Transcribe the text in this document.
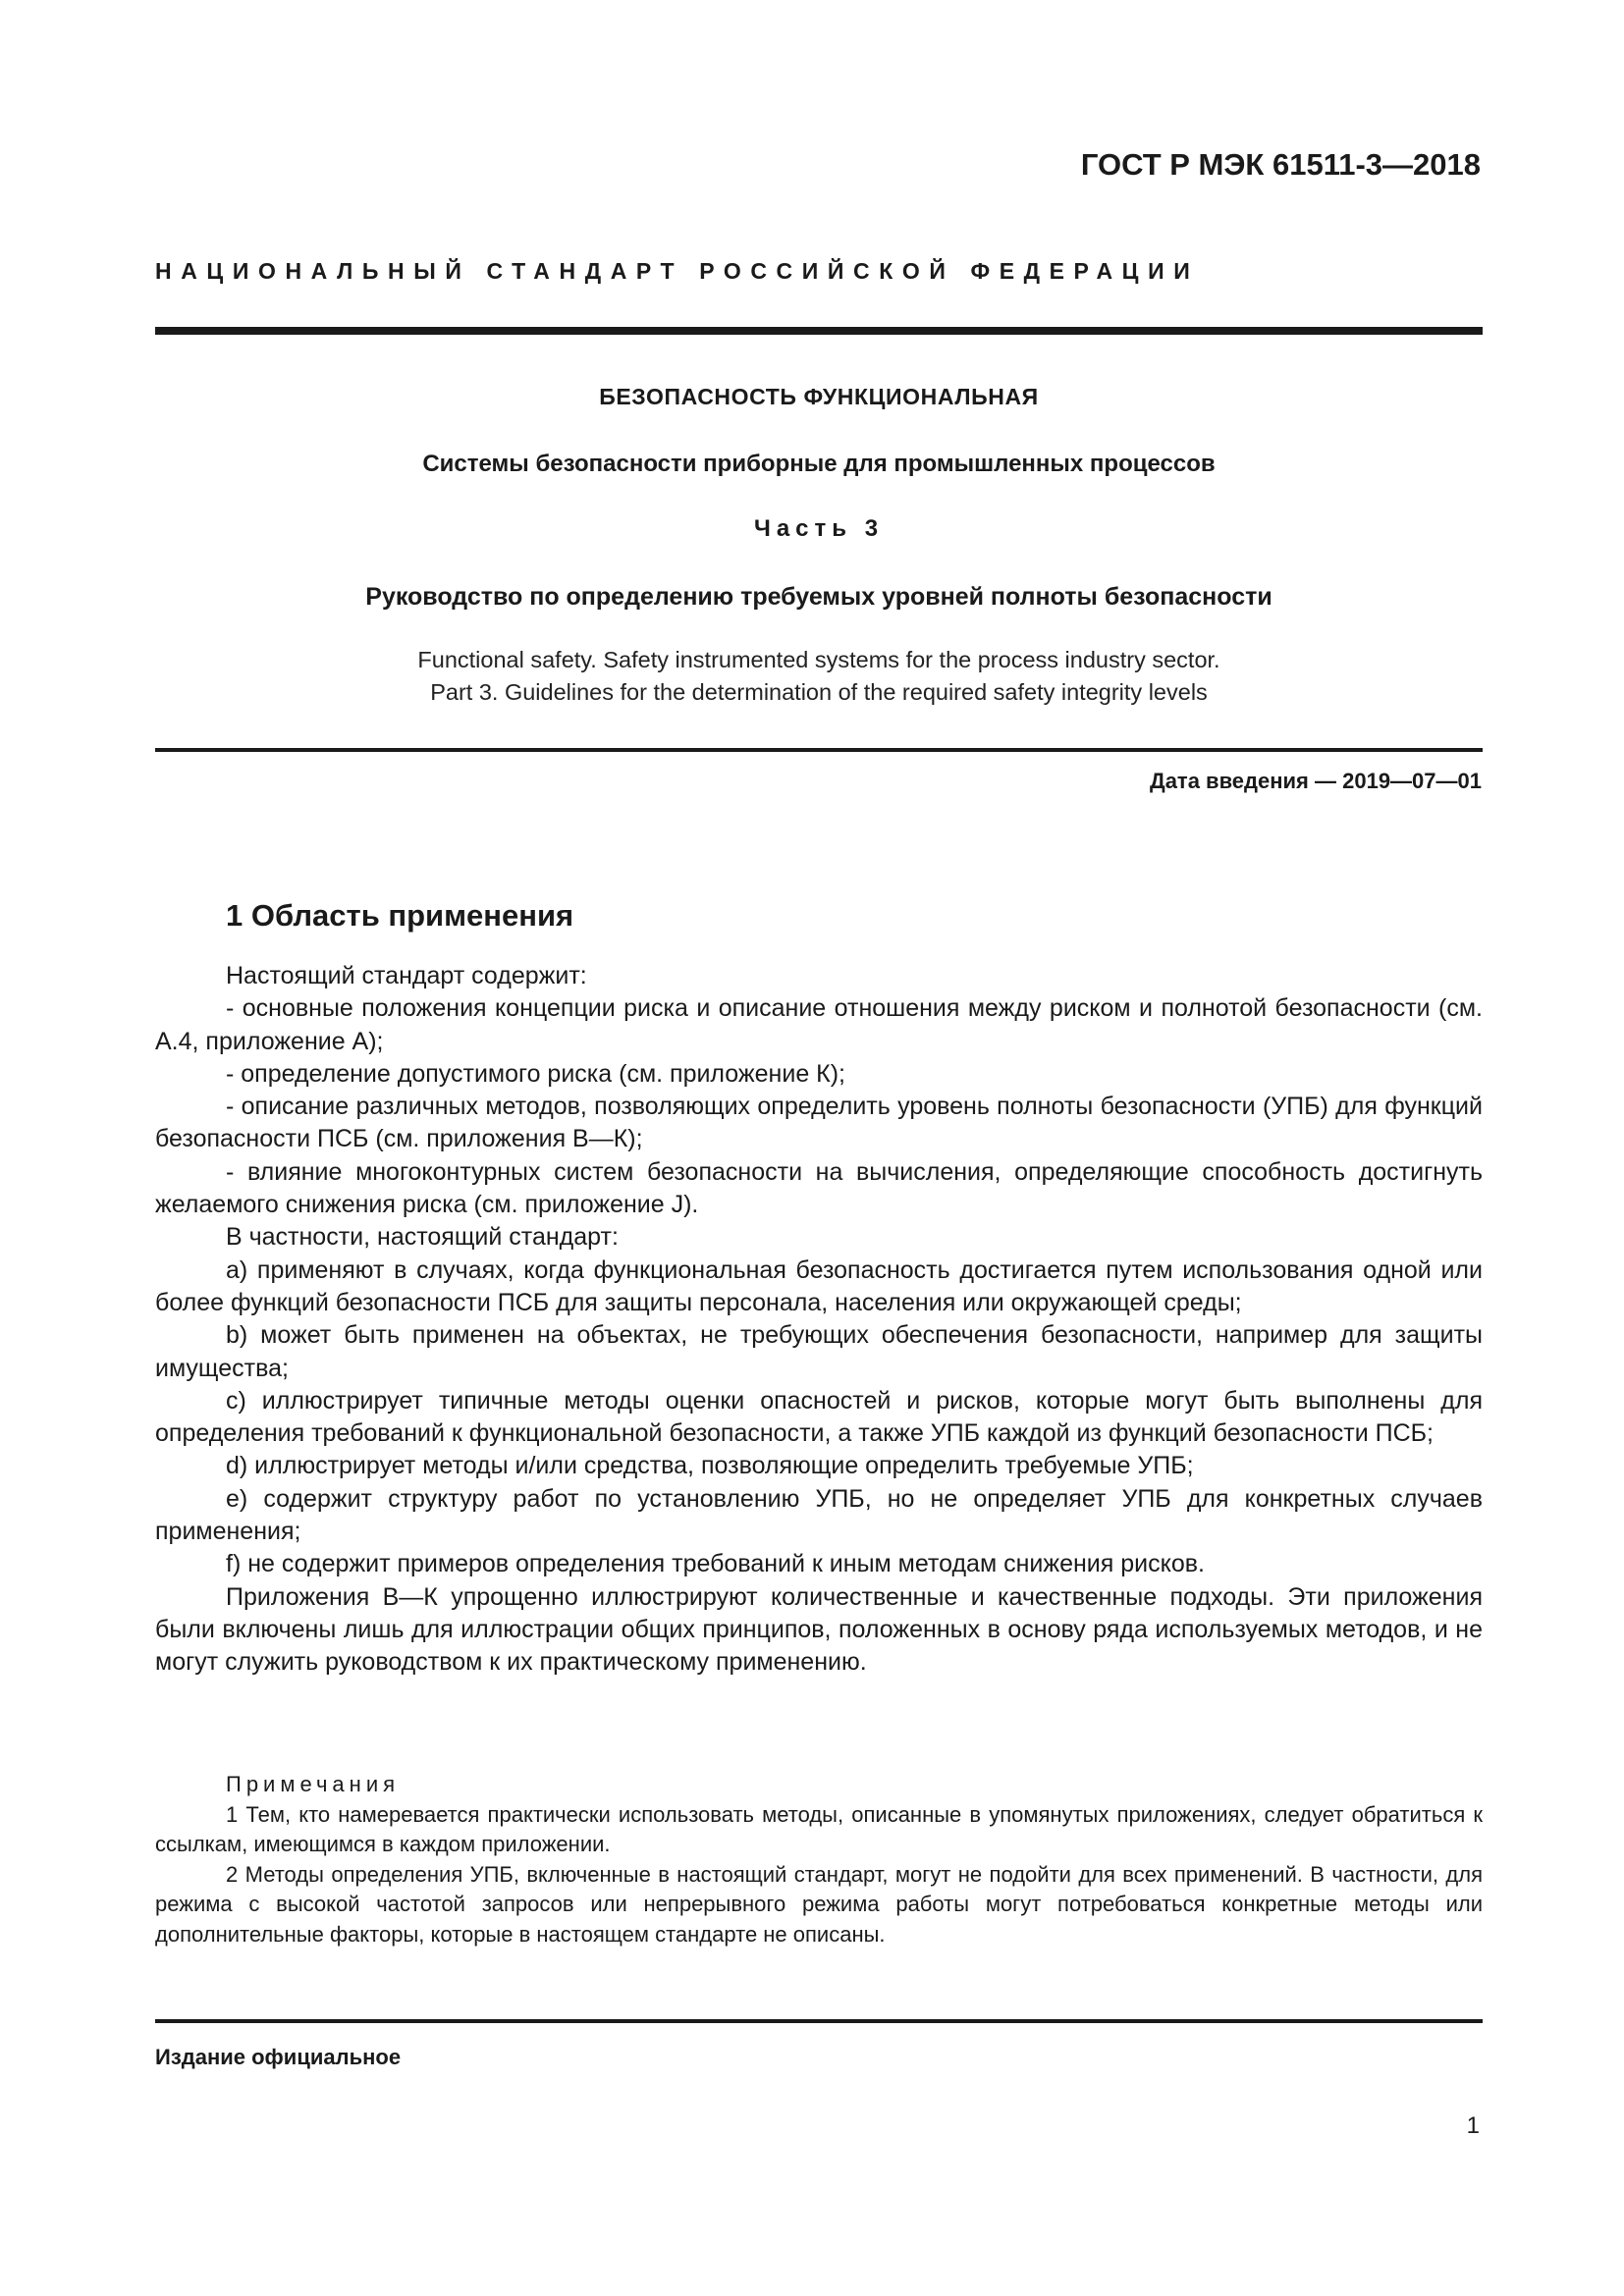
ГОСТ Р МЭК 61511-3—2018
НАЦИОНАЛЬНЫЙ СТАНДАРТ РОССИЙСКОЙ ФЕДЕРАЦИИ
БЕЗОПАСНОСТЬ ФУНКЦИОНАЛЬНАЯ
Системы безопасности приборные для промышленных процессов
Часть 3
Руководство по определению требуемых уровней полноты безопасности
Functional safety. Safety instrumented systems for the process industry sector.
Part 3. Guidelines for the determination of the required safety integrity levels
Дата введения — 2019—07—01
1 Область применения

Настоящий стандарт содержит:

- основные положения концепции риска и описание отношения между риском и полнотой безопасности (см. А.4, приложение А);

- определение допустимого риска (см. приложение К);

- описание различных методов, позволяющих определить уровень полноты безопасности (УПБ) для функций безопасности ПСБ (см. приложения В—К);

- влияние многоконтурных систем безопасности на вычисления, определяющие способность достигнуть желаемого снижения риска (см. приложение J).

В частности, настоящий стандарт:

a) применяют в случаях, когда функциональная безопасность достигается путем использования одной или более функций безопасности ПСБ для защиты персонала, населения или окружающей среды;

b) может быть применен на объектах, не требующих обеспечения безопасности, например для защиты имущества;

c) иллюстрирует типичные методы оценки опасностей и рисков, которые могут быть выполнены для определения требований к функциональной безопасности, а также УПБ каждой из функций безопасности ПСБ;

d) иллюстрирует методы и/или средства, позволяющие определить требуемые УПБ;

e) содержит структуру работ по установлению УПБ, но не определяет УПБ для конкретных случаев применения;

f) не содержит примеров определения требований к иным методам снижения рисков.

Приложения В—К упрощенно иллюстрируют количественные и качественные подходы. Эти приложения были включены лишь для иллюстрации общих принципов, положенных в основу ряда используемых методов, и не могут служить руководством к их практическому применению.

Примечания

1 Тем, кто намеревается практически использовать методы, описанные в упомянутых приложениях, следует обратиться к ссылкам, имеющимся в каждом приложении.

2 Методы определения УПБ, включенные в настоящий стандарт, могут не подойти для всех применений. В частности, для режима с высокой частотой запросов или непрерывного режима работы могут потребоваться конкретные методы или дополнительные факторы, которые в настоящем стандарте не описаны.

Издание официальное
1
